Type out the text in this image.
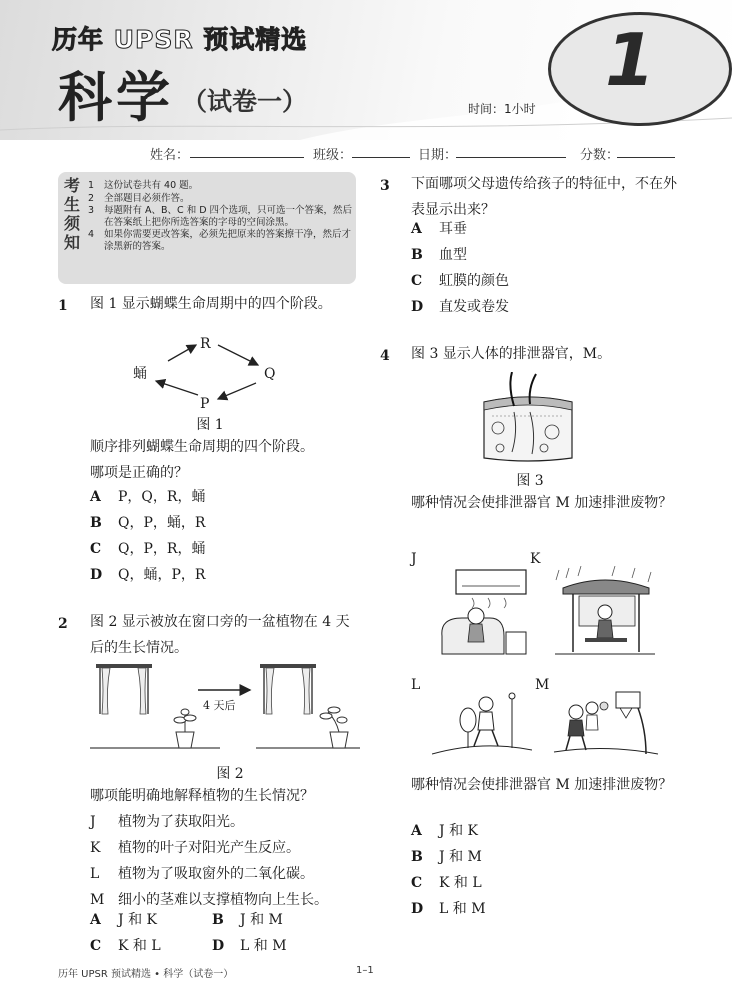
历年 UPSR 预试精选
科学 （试卷一）	时间：1小时
1
姓名：	班级：	日期：	分数：
考
生
须
知
1	这份试卷共有 40 题。
2	全部题目必须作答。
3	每题附有 A、B、C 和 D 四个选项，只可选一个答案，然后在答案纸上把你所选答案的字母的空间涂黑。
4	如果你需要更改答案，必须先把原来的答案擦干净，然后才涂黑新的答案。
1 图 1 显示蝴蝶生命周期中的四个阶段。
R
蛹	Q
P
图 1
顺序排列蝴蝶生命周期的四个阶段。
哪项是正确的？
A	P，Q，R，蛹
B	Q，P，蛹，R
C	Q，P，R，蛹
D	Q，蛹，P，R
2 图 2 显示被放在窗口旁的一盆植物在 4 天后的生长情况。
4 天后
图 2
哪项能明确地解释植物的生长情况？
J	植物为了获取阳光。
K	植物的叶子对阳光产生反应。
L	植物为了吸取窗外的二氧化碳。
M 细小的茎难以支撑植物向上生长。
A	J 和 K	B	J 和 M
C	K 和 L	D	L 和 M
3 下面哪项父母遗传给孩子的特征中，不在外表显示出来？
A	耳垂
B	血型
C	虹膜的颜色
D	直发或卷发
4 图 3 显示人体的排泄器官，M。
图 3
哪种情况会使排泄器官 M 加速排泄废物？
J	K
L	M
哪种情况会使排泄器官 M 加速排泄废物？
A	J 和 K
B	J 和 M
C	K 和 L
D	L 和 M
历年 UPSR 预试精选 • 科学（试卷一）	1–1
